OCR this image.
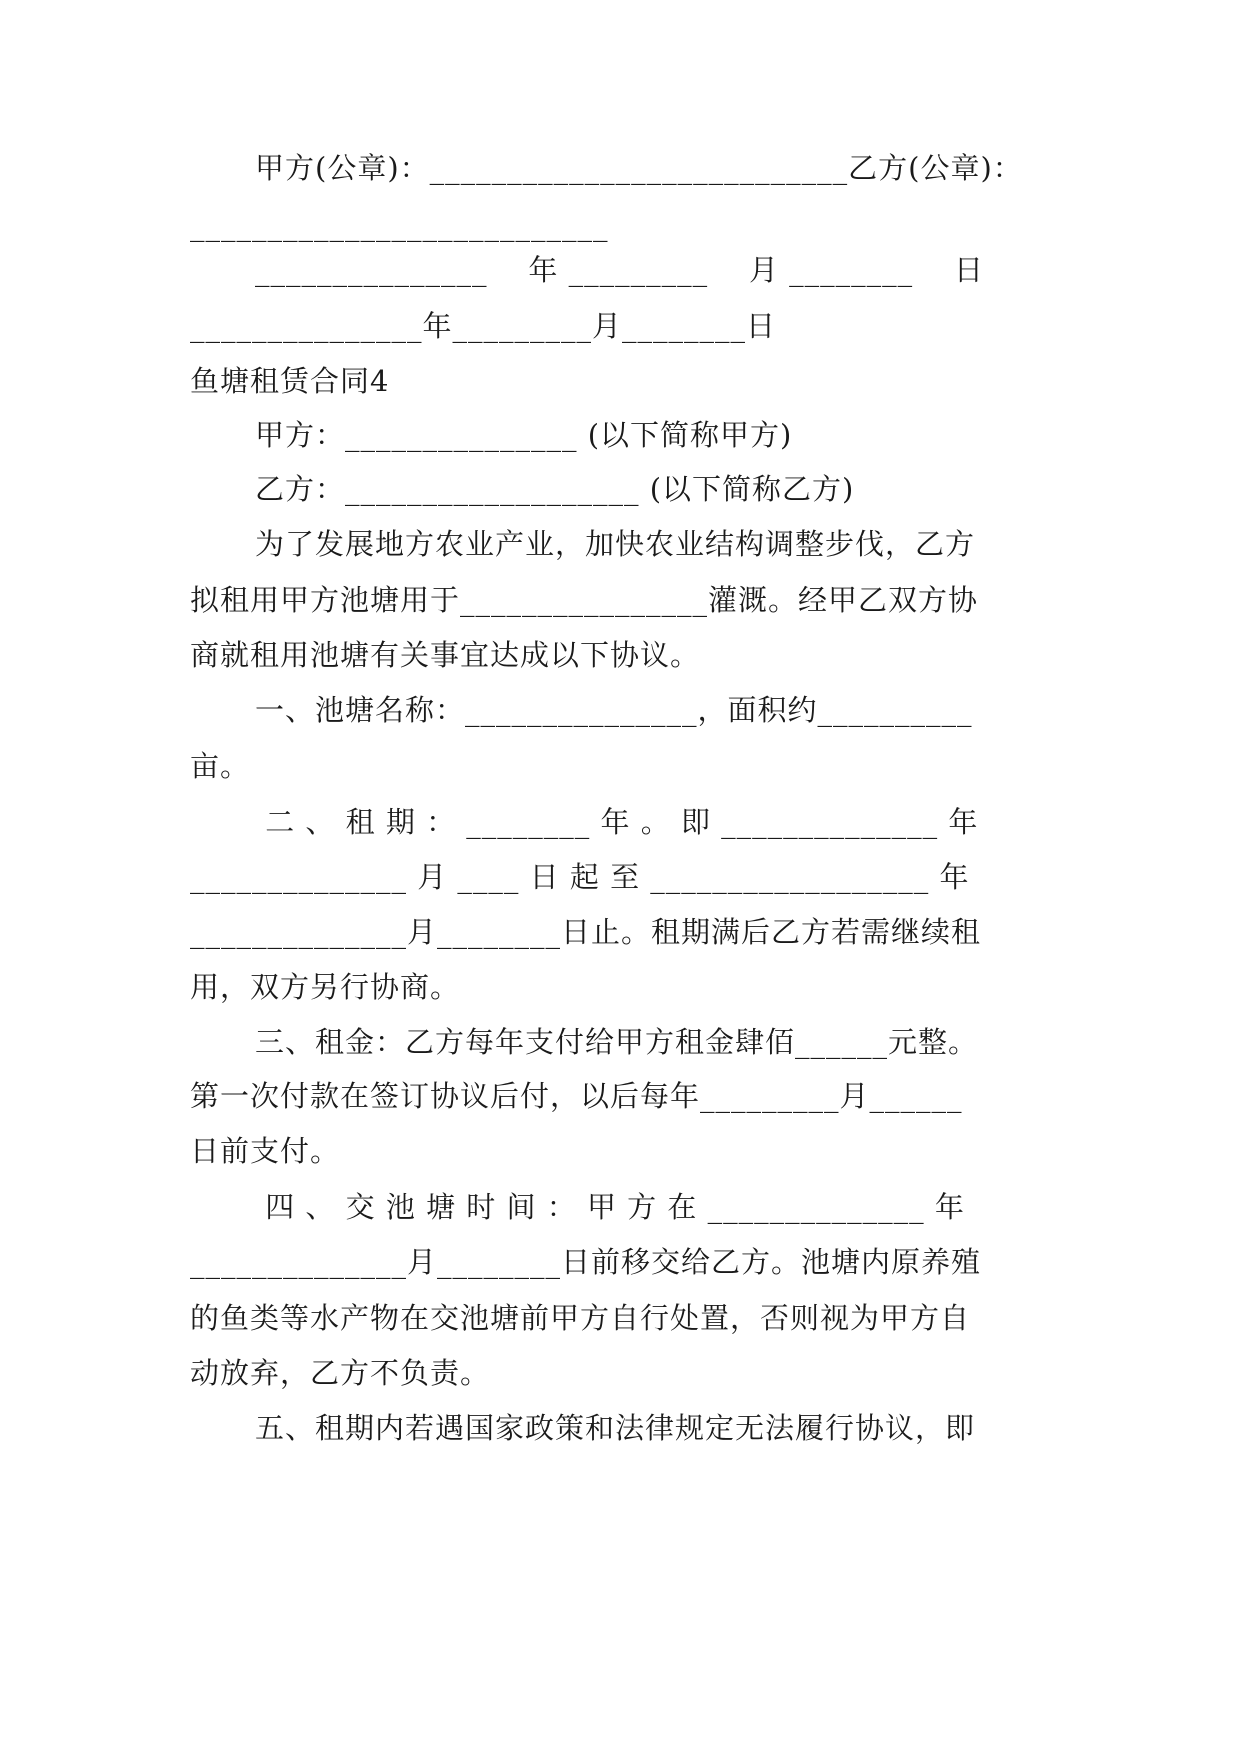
甲方(公章)：___________________________乙方(公章)：
___________________________
_______________    年 _________    月 ________    日
_______________年_________月________日
鱼塘租赁合同4
甲方：_______________ (以下简称甲方)
乙方：___________________ (以下简称乙方)
为了发展地方农业产业，加快农业结构调整步伐，乙方
拟租用甲方池塘用于________________灌溉。经甲乙双方协
商就租用池塘有关事宜达成以下协议。
一、池塘名称：_______________，面积约__________
亩。
二 、 租 期 ： ________ 年 。 即 ______________ 年
______________ 月 ____ 日 起 至 __________________ 年
______________月________日止。租期满后乙方若需继续租
用，双方另行协商。
三、租金：乙方每年支付给甲方租金肆佰______元整。
第一次付款在签订协议后付，以后每年_________月______
日前支付。
四 、 交 池 塘 时 间 ： 甲 方 在 ______________ 年
______________月________日前移交给乙方。池塘内原养殖
的鱼类等水产物在交池塘前甲方自行处置，否则视为甲方自
动放弃，乙方不负责。
五、租期内若遇国家政策和法律规定无法履行协议，即
